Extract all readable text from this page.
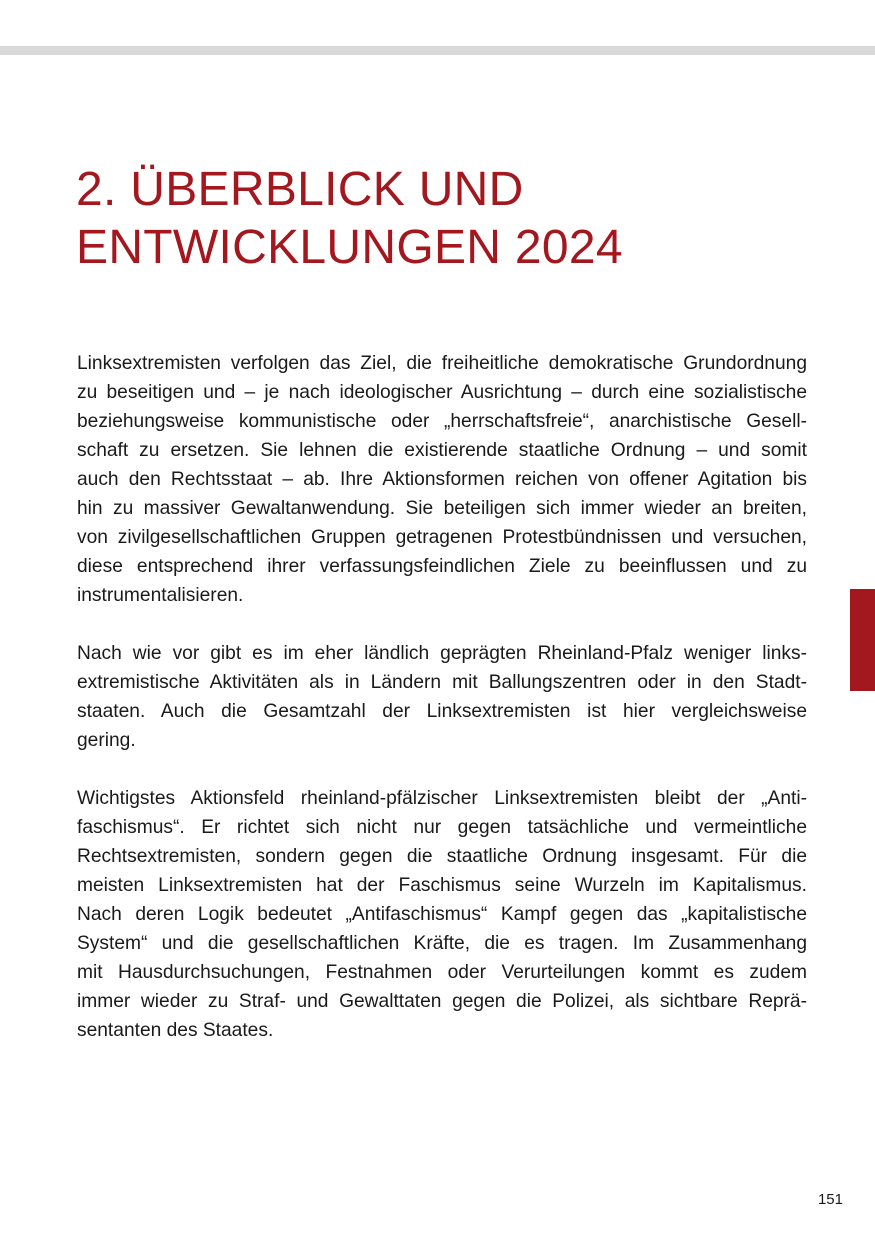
2. ÜBERBLICK UND
ENTWICKLUNGEN 2024

Linksextremisten verfolgen das Ziel, die freiheitliche demokratische Grundordnung
zu beseitigen und – je nach ideologischer Ausrichtung – durch eine sozialistische
beziehungsweise kommunistische oder „herrschaftsfreie“, anarchistische Gesell-
schaft zu ersetzen. Sie lehnen die existierende staatliche Ordnung – und somit
auch den Rechtsstaat – ab. Ihre Aktionsformen reichen von offener Agitation bis
hin zu massiver Gewaltanwendung. Sie beteiligen sich immer wieder an breiten,
von zivilgesellschaftlichen Gruppen getragenen Protestbündnissen und versuchen,
diese entsprechend ihrer verfassungsfeindlichen Ziele zu beeinflussen und zu
instrumentalisieren.

Nach wie vor gibt es im eher ländlich geprägten Rheinland-Pfalz weniger links-
extremistische Aktivitäten als in Ländern mit Ballungszentren oder in den Stadt-
staaten. Auch die Gesamtzahl der Linksextremisten ist hier vergleichsweise
gering.

Wichtigstes Aktionsfeld rheinland-pfälzischer Linksextremisten bleibt der „Anti-
faschismus“. Er richtet sich nicht nur gegen tatsächliche und vermeintliche
Rechtsextremisten, sondern gegen die staatliche Ordnung insgesamt. Für die
meisten Linksextremisten hat der Faschismus seine Wurzeln im Kapitalismus.
Nach deren Logik bedeutet „Antifaschismus“ Kampf gegen das „kapitalistische
System“ und die gesellschaftlichen Kräfte, die es tragen. Im Zusammenhang
mit Hausdurchsuchungen, Festnahmen oder Verurteilungen kommt es zudem
immer wieder zu Straf- und Gewalttaten gegen die Polizei, als sichtbare Reprä-
sentanten des Staates.

151
